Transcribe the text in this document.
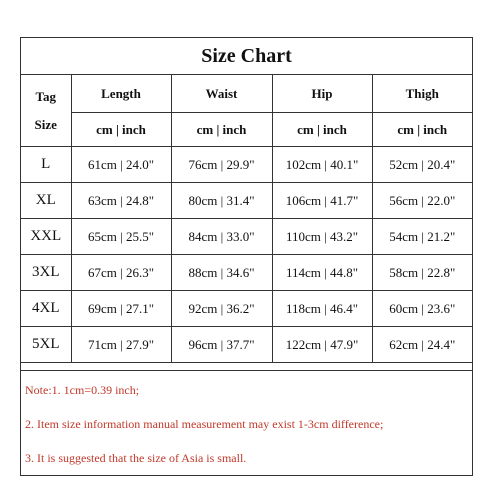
Size Chart
Tag
Size	Length	Waist	Hip	Thigh
	cm | inch	cm | inch	cm | inch	cm | inch
L	61cm | 24.0"	76cm | 29.9"	102cm | 40.1"	52cm | 20.4"
XL	63cm | 24.8"	80cm | 31.4"	106cm | 41.7"	56cm | 22.0"
XXL	65cm | 25.5"	84cm | 33.0"	110cm | 43.2"	54cm | 21.2"
3XL	67cm | 26.3"	88cm | 34.6"	114cm | 44.8"	58cm | 22.8"
4XL	69cm | 27.1"	92cm | 36.2"	118cm | 46.4"	60cm | 23.6"
5XL	71cm | 27.9"	96cm | 37.7"	122cm | 47.9"	62cm | 24.4"
Note:1. 1cm=0.39 inch;
2. Item size information manual measurement may exist 1-3cm difference;
3. It is suggested that the size of Asia is small.
